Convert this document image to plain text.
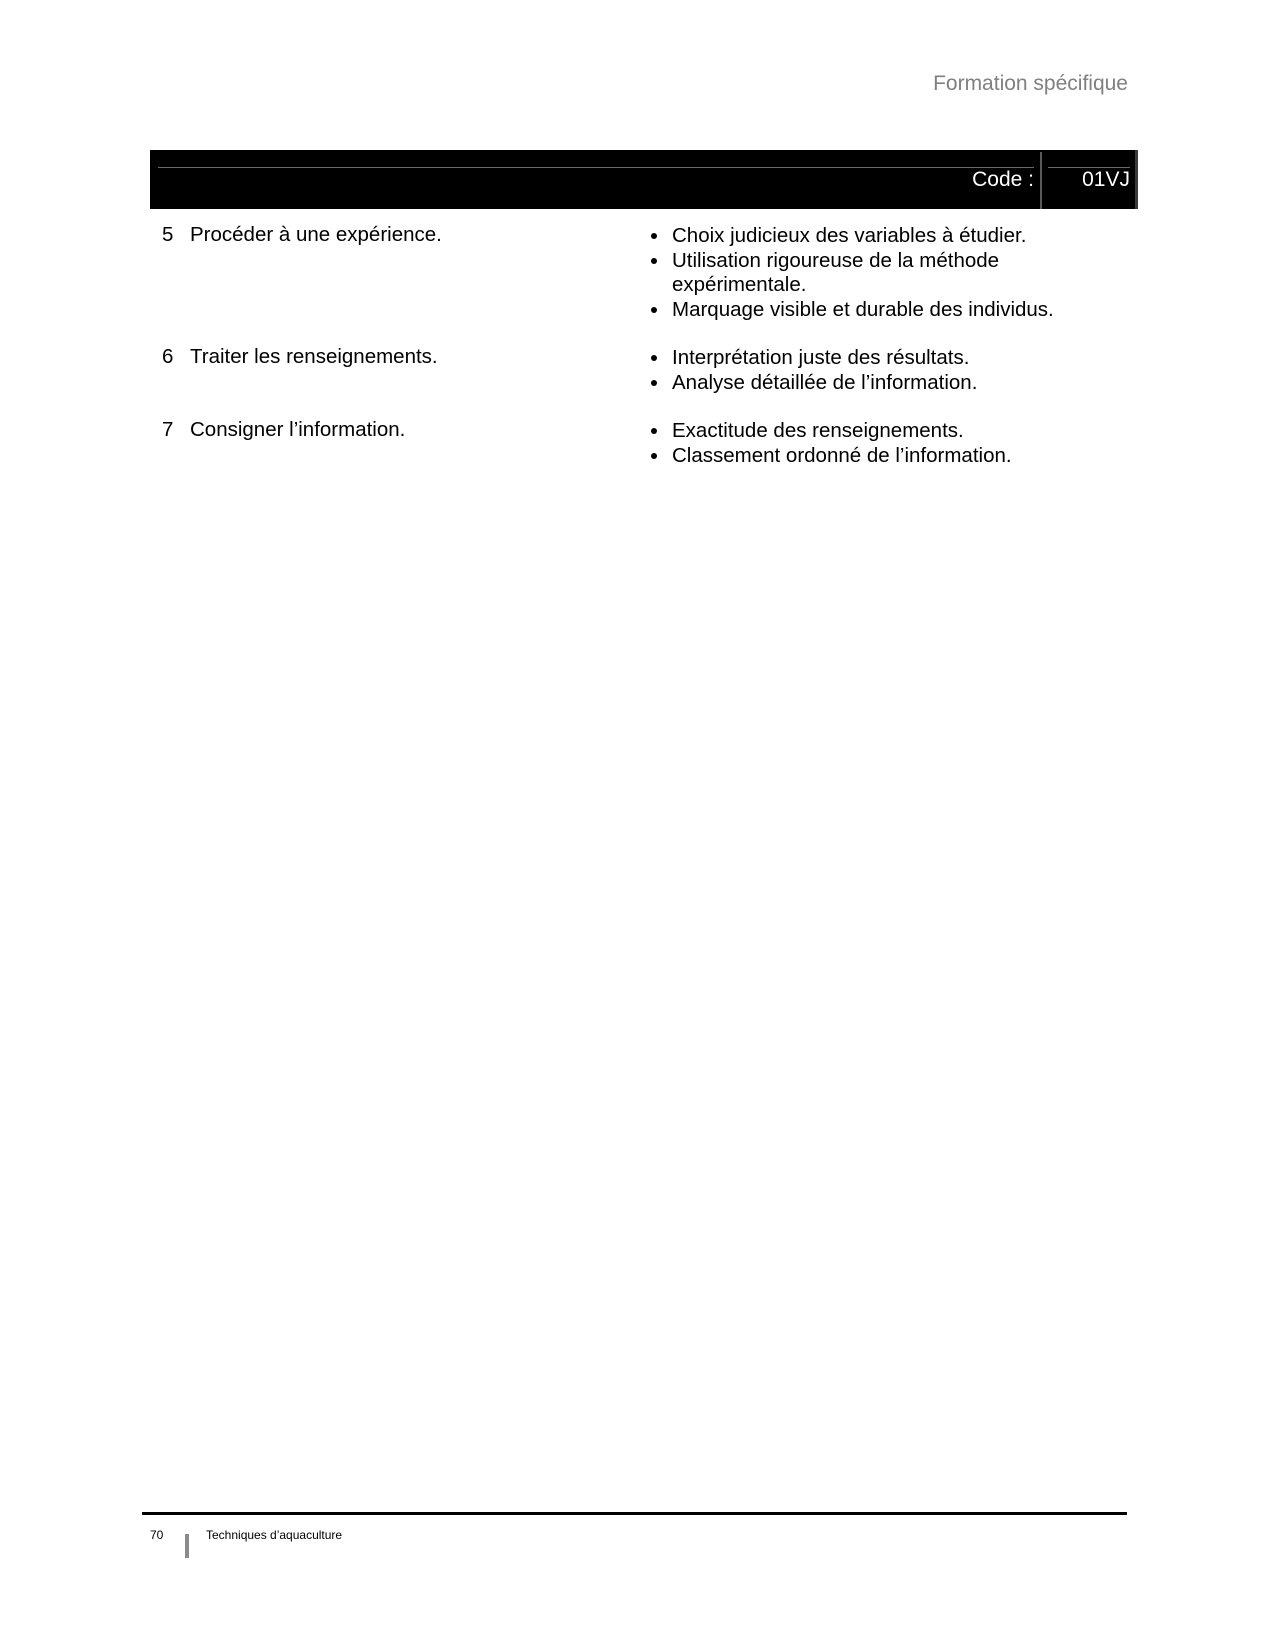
Formation spécifique
Code : 01VJ
5 Procéder à une expérience.	• Choix judicieux des variables à étudier.
• Utilisation rigoureuse de la méthode expérimentale.
• Marquage visible et durable des individus.
6 Traiter les renseignements.	• Interprétation juste des résultats.
• Analyse détaillée de l’information.
7 Consigner l’information.	• Exactitude des renseignements.
• Classement ordonné de l’information.
70	Techniques d’aquaculture
